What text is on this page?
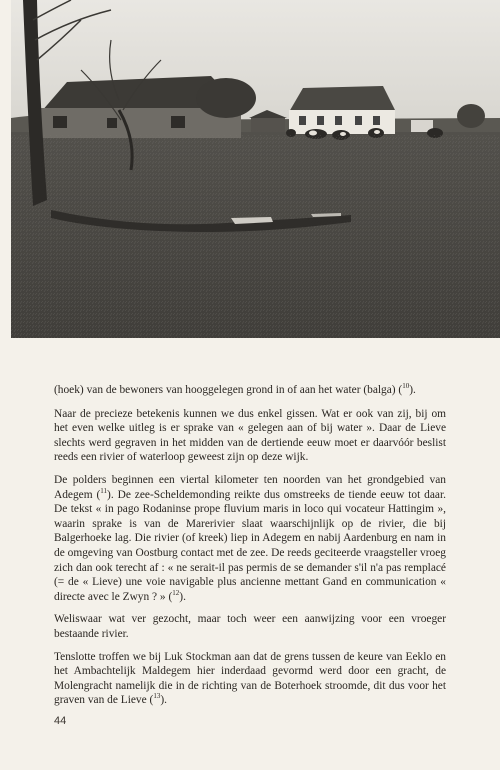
(hoek) van de bewoners van hooggelegen grond in of aan het water (balga) ($^{10}$).

Naar de precieze betekenis kunnen we dus enkel gissen. Wat er ook van zij, bij om het even welke uitleg is er sprake van « gelegen aan of bij water ». Daar de Lieve slechts werd gegraven in het midden van de dertiende eeuw moet er daarvóór beslist reeds een rivier of waterloop geweest zijn op deze wijk.

De polders beginnen een viertal kilometer ten noorden van het grondgebied van Adegem ($^{11}$). De zee-Scheldemonding reikte dus omstreeks de tiende eeuw tot daar. De tekst « in pago Rodaninse prope fluvium maris in loco qui vocateur Hattingim », waarin sprake is van de Marerivier slaat waarschijnlijk op de rivier, die bij Balgerhoeke lag. Die rivier (of kreek) liep in Adegem en nabij Aardenburg en nam in de omgeving van Oostburg contact met de zee. De reeds geciteerde vraagsteller vroeg zich dan ook terecht af : « ne serait-il pas permis de se demander s'il n'a pas remplacé (= de « Lieve) une voie navigable plus ancienne mettant Gand en communication « directe avec le Zwyn ? » ($^{12}$).

Weliswaar wat ver gezocht, maar toch weer een aanwijzing voor een vroeger bestaande rivier.

Tenslotte troffen we bij Luk Stockman aan dat de grens tussen de keure van Eeklo en het Ambachtelijk Maldegem hier inderdaad gevormd werd door een gracht, de Molengracht namelijk die in de richting van de Boterhoek stroomde, dit dus voor het graven van de Lieve ($^{13}$).

44
